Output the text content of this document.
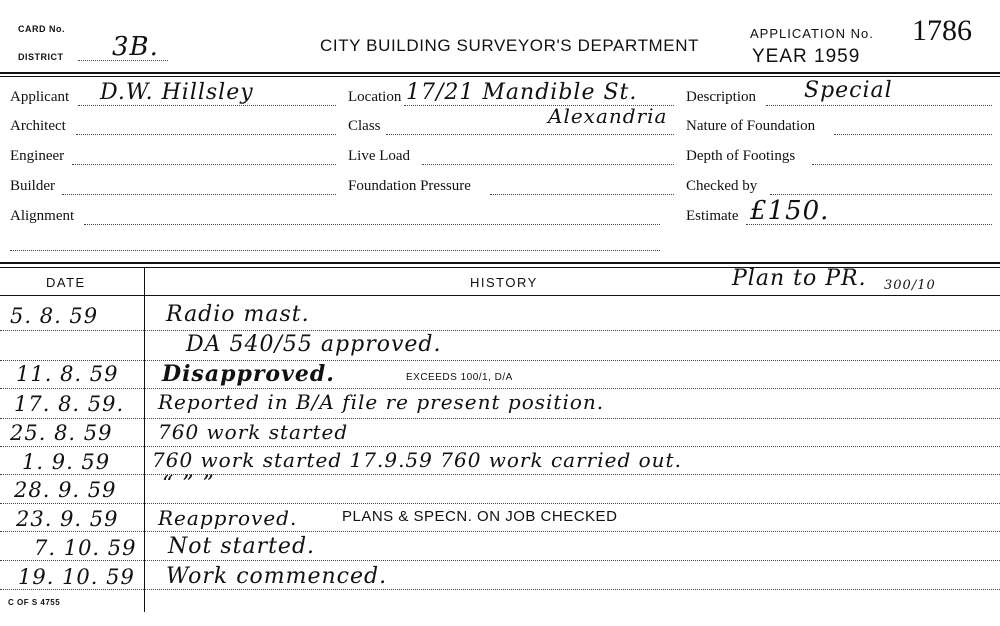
CARD No.
DISTRICT 3B.	CITY BUILDING SURVEYOR'S DEPARTMENT
APPLICATION No.
YEAR 1959
1786
Applicant D.W. Hillsley
Architect
Engineer
Builder
Alignment
Location 17/21 Mandible St.
Class	Alexandria
Live Load
Foundation Pressure
Description Special
Nature of Foundation
Depth of Footings
Checked by
Estimate £150.
DATE	HISTORY	Plan to PR. 300/10
5. 8. 59	Radio mast.
DA 540/55 approved.
11. 8. 59 Disapproved.	EXCEEDS 100/1, D/A
17. 8. 59. Reported in B/A file re present position.
25. 8. 59 760 work started
1. 9. 59 760 work started 17.9.59 760 work carried out.
28. 9. 59 “ ” ”
23. 9. 59 Reapproved.	PLANS & SPECN. ON JOB CHECKED
7. 10. 59 Not started.
19. 10. 59 Work commenced.
C OF S 4755
